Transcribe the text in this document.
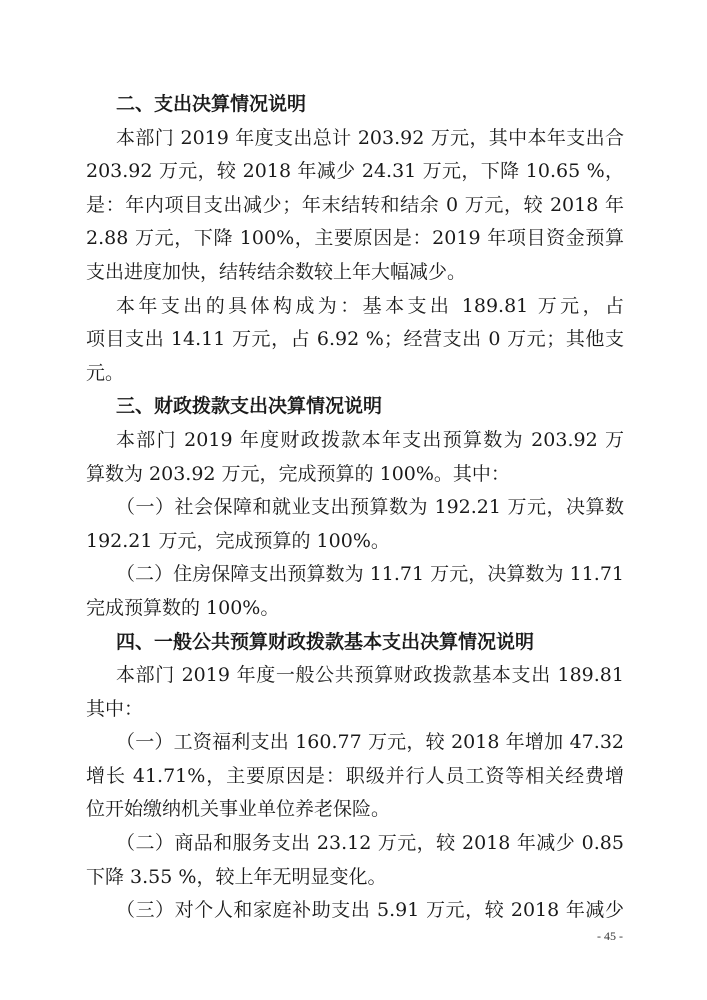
二、支出决算情况说明
本部门 2019 年度支出总计 203.92 万元，其中本年支出合
203.92 万元，较 2018 年减少 24.31 万元，下降 10.65 %，
是：年内项目支出减少；年末结转和结余 0 万元，较 2018 年
2.88 万元，下降 100%，主要原因是：2019 年项目资金预算
支出进度加快，结转结余数较上年大幅减少。
本年支出的具体构成为：基本支出 189.81 万元，占
项目支出 14.11 万元，占 6.92 %；经营支出 0 万元；其他支
元。
三、财政拨款支出决算情况说明
本部门 2019 年度财政拨款本年支出预算数为 203.92 万
算数为 203.92 万元，完成预算的 100%。其中：
（一）社会保障和就业支出预算数为 192.21 万元，决算数
192.21 万元，完成预算的 100%。
（二）住房保障支出预算数为 11.71 万元，决算数为 11.71
完成预算数的 100%。
四、一般公共预算财政拨款基本支出决算情况说明
本部门 2019 年度一般公共预算财政拨款基本支出 189.81
其中：
（一）工资福利支出 160.77 万元，较 2018 年增加 47.32
增长 41.71%，主要原因是：职级并行人员工资等相关经费增
位开始缴纳机关事业单位养老保险。
（二）商品和服务支出 23.12 万元，较 2018 年减少 0.85
下降 3.55 %，较上年无明显变化。
（三）对个人和家庭补助支出 5.91 万元，较 2018 年减少
- 45 -
